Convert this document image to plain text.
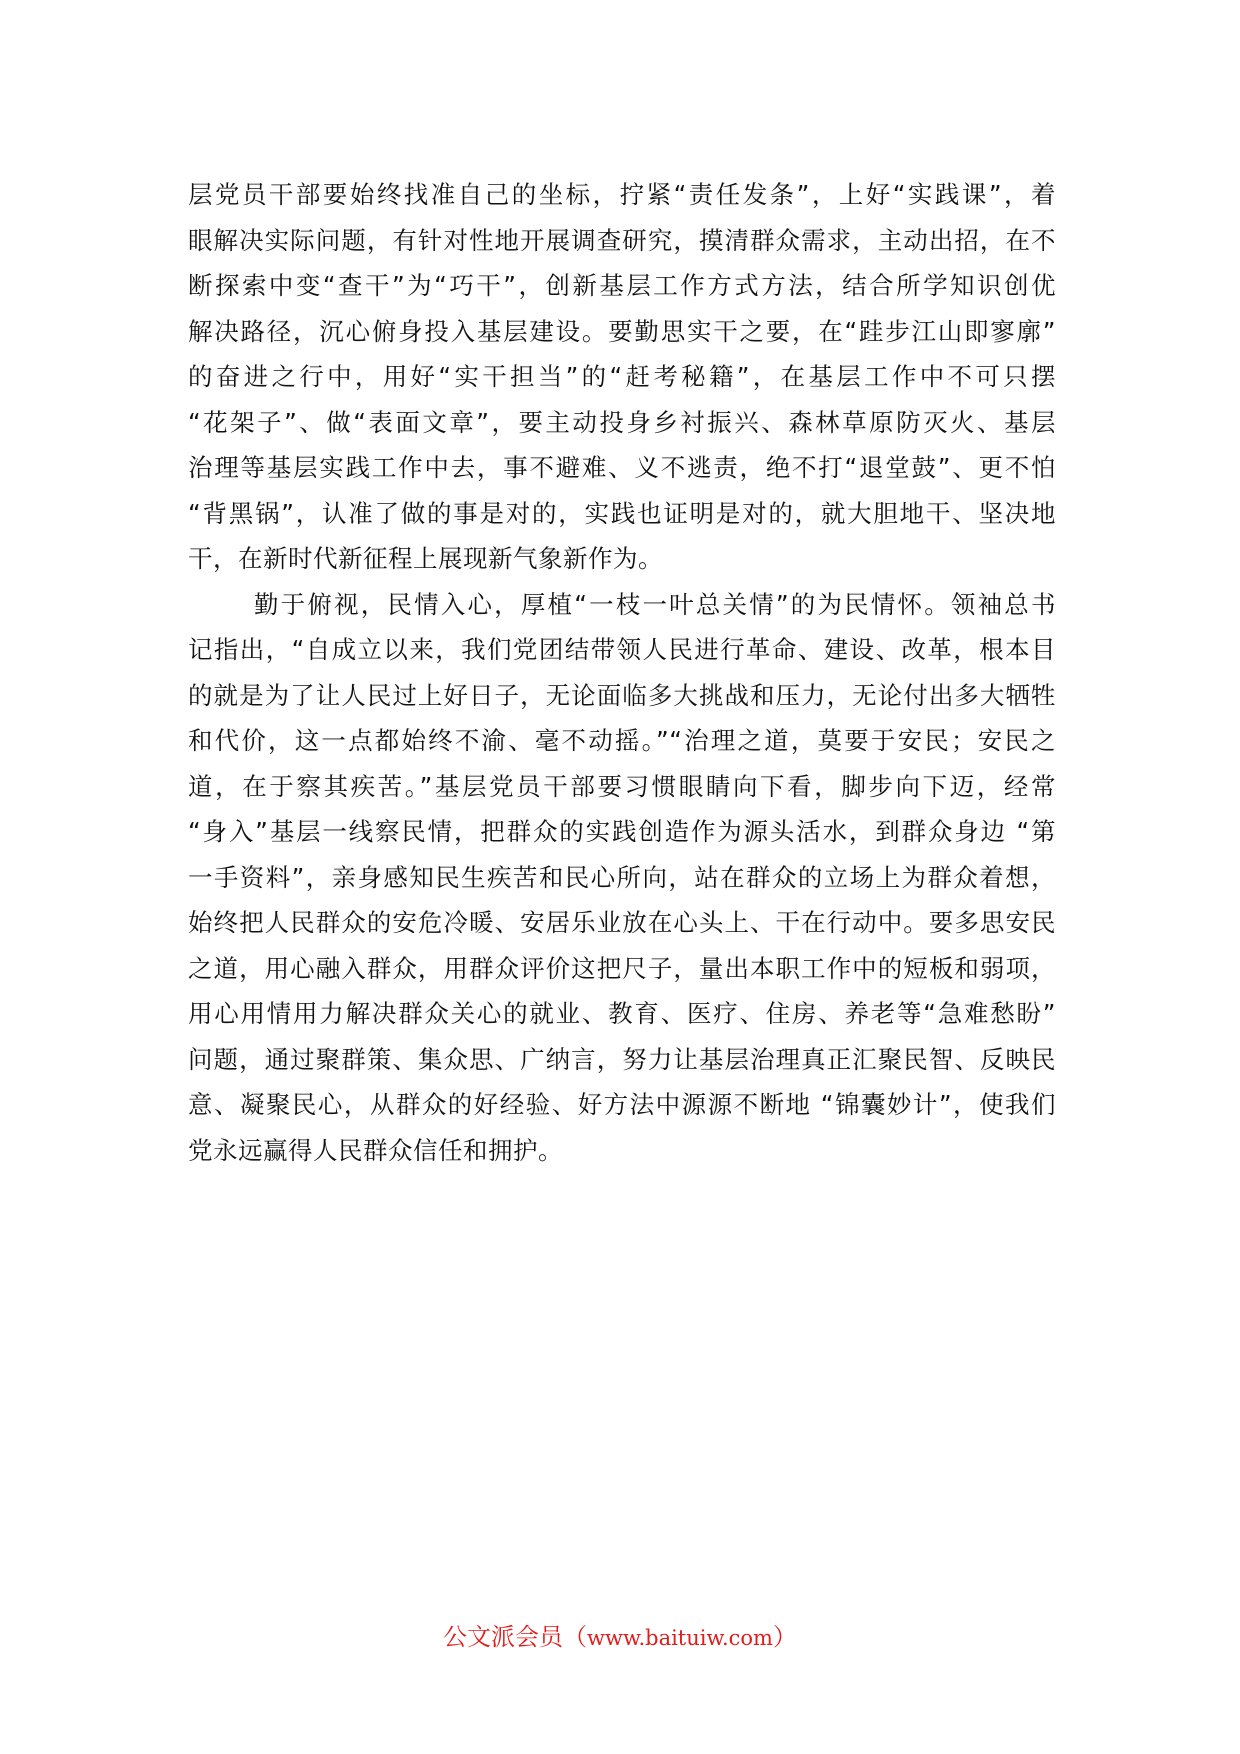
层党员干部要始终找准自己的坐标，拧紧“责任发条”，上好“实践课”，着
眼解决实际问题，有针对性地开展调查研究，摸清群众需求，主动出招，在不
断探索中变“查干”为“巧干”，创新基层工作方式方法，结合所学知识创优
解决路径，沉心俯身投入基层建设。要勤思实干之要，在“跬步江山即寥廓”
的奋进之行中，用好“实干担当”的“赶考秘籍”，在基层工作中不可只摆
“花架子”、做“表面文章”，要主动投身乡衬振兴、森林草原防灭火、基层
治理等基层实践工作中去，事不避难、义不逃责，绝不打“退堂鼓”、更不怕
“背黑锅”，认准了做的事是对的，实践也证明是对的，就大胆地干、坚决地
干，在新时代新征程上展现新气象新作为。
勤于俯视，民情入心，厚植“一枝一叶总关情”的为民情怀。领袖总书
记指出，“自成立以来，我们党团结带领人民进行革命、建设、改革，根本目
的就是为了让人民过上好日子，无论面临多大挑战和压力，无论付出多大牺牲
和代价，这一点都始终不渝、毫不动摇。”“治理之道，莫要于安民；安民之
道，在于察其疾苦。”基层党员干部要习惯眼睛向下看，脚步向下迈，经常
“身入”基层一线察民情，把群众的实践创造作为源头活水，到群众身边 “第
一手资料”，亲身感知民生疾苦和民心所向，站在群众的立场上为群众着想，
始终把人民群众的安危冷暖、安居乐业放在心头上、干在行动中。要多思安民
之道，用心融入群众，用群众评价这把尺子，量出本职工作中的短板和弱项，
用心用情用力解决群众关心的就业、教育、医疗、住房、养老等“急难愁盼”
问题，通过聚群策、集众思、广纳言，努力让基层治理真正汇聚民智、反映民
意、凝聚民心，从群众的好经验、好方法中源源不断地 “锦囊妙计”，使我们
党永远赢得人民群众信任和拥护。
公文派会员（www.baituiw.com）
